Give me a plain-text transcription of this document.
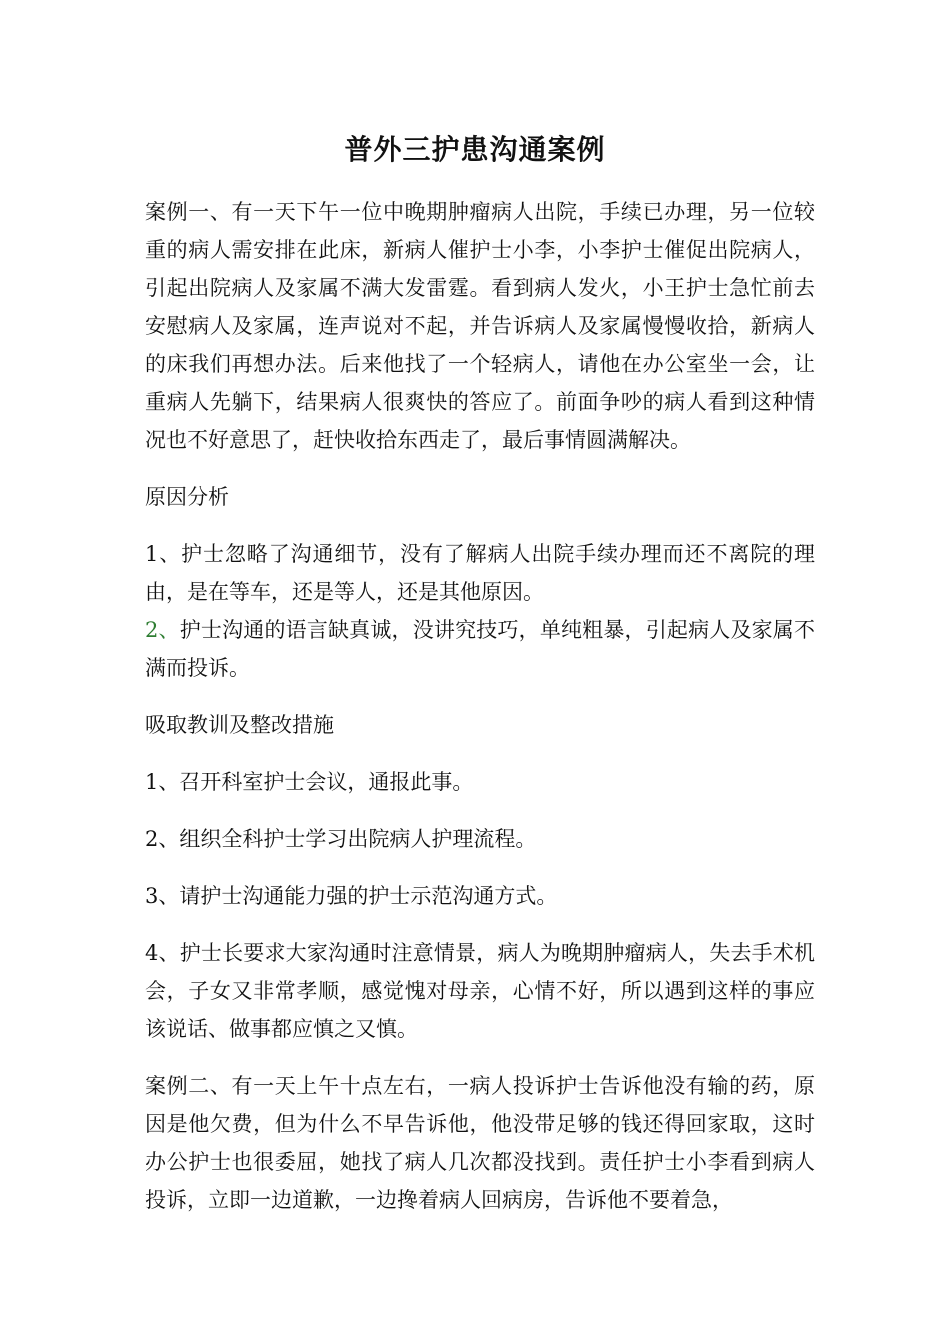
普外三护患沟通案例

案例一、有一天下午一位中晚期肿瘤病人出院，手续已办理，另一位较重的病人需安排在此床，新病人催护士小李，小李护士催促出院病人，引起出院病人及家属不满大发雷霆。看到病人发火，小王护士急忙前去安慰病人及家属，连声说对不起，并告诉病人及家属慢慢收拾，新病人的床我们再想办法。后来他找了一个轻病人，请他在办公室坐一会，让重病人先躺下，结果病人很爽快的答应了。前面争吵的病人看到这种情况也不好意思了，赶快收拾东西走了，最后事情圆满解决。

原因分析

1、护士忽略了沟通细节，没有了解病人出院手续办理而还不离院的理由，是在等车，还是等人，还是其他原因。

2、护士沟通的语言缺真诚，没讲究技巧，单纯粗暴，引起病人及家属不满而投诉。

吸取教训及整改措施

1、召开科室护士会议，通报此事。

2、组织全科护士学习出院病人护理流程。

3、请护士沟通能力强的护士示范沟通方式。

4、护士长要求大家沟通时注意情景，病人为晚期肿瘤病人，失去手术机会，子女又非常孝顺，感觉愧对母亲，心情不好，所以遇到这样的事应该说话、做事都应慎之又慎。

案例二、有一天上午十点左右，一病人投诉护士告诉他没有输的药，原因是他欠费，但为什么不早告诉他，他没带足够的钱还得回家取，这时办公护士也很委屈，她找了病人几次都没找到。责任护士小李看到病人投诉，立即一边道歉，一边搀着病人回病房，告诉他不要着急，
